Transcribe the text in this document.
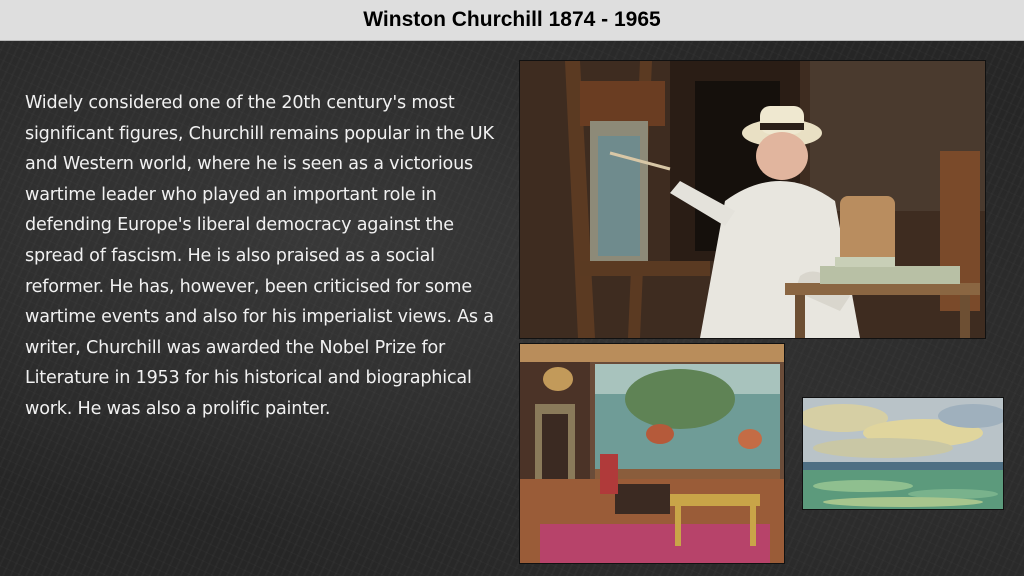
Winston Churchill 1874 - 1965

Widely considered one of the 20th century's most significant figures, Churchill remains popular in the UK and Western world, where he is seen as a victorious wartime leader who played an important role in defending Europe's liberal democracy against the spread of fascism. He is also praised as a social reformer. He has, however, been criticised for some wartime events and also for his imperialist views. As a writer, Churchill was awarded the Nobel Prize for Literature in 1953 for his historical and biographical work. He was also a prolific painter.
